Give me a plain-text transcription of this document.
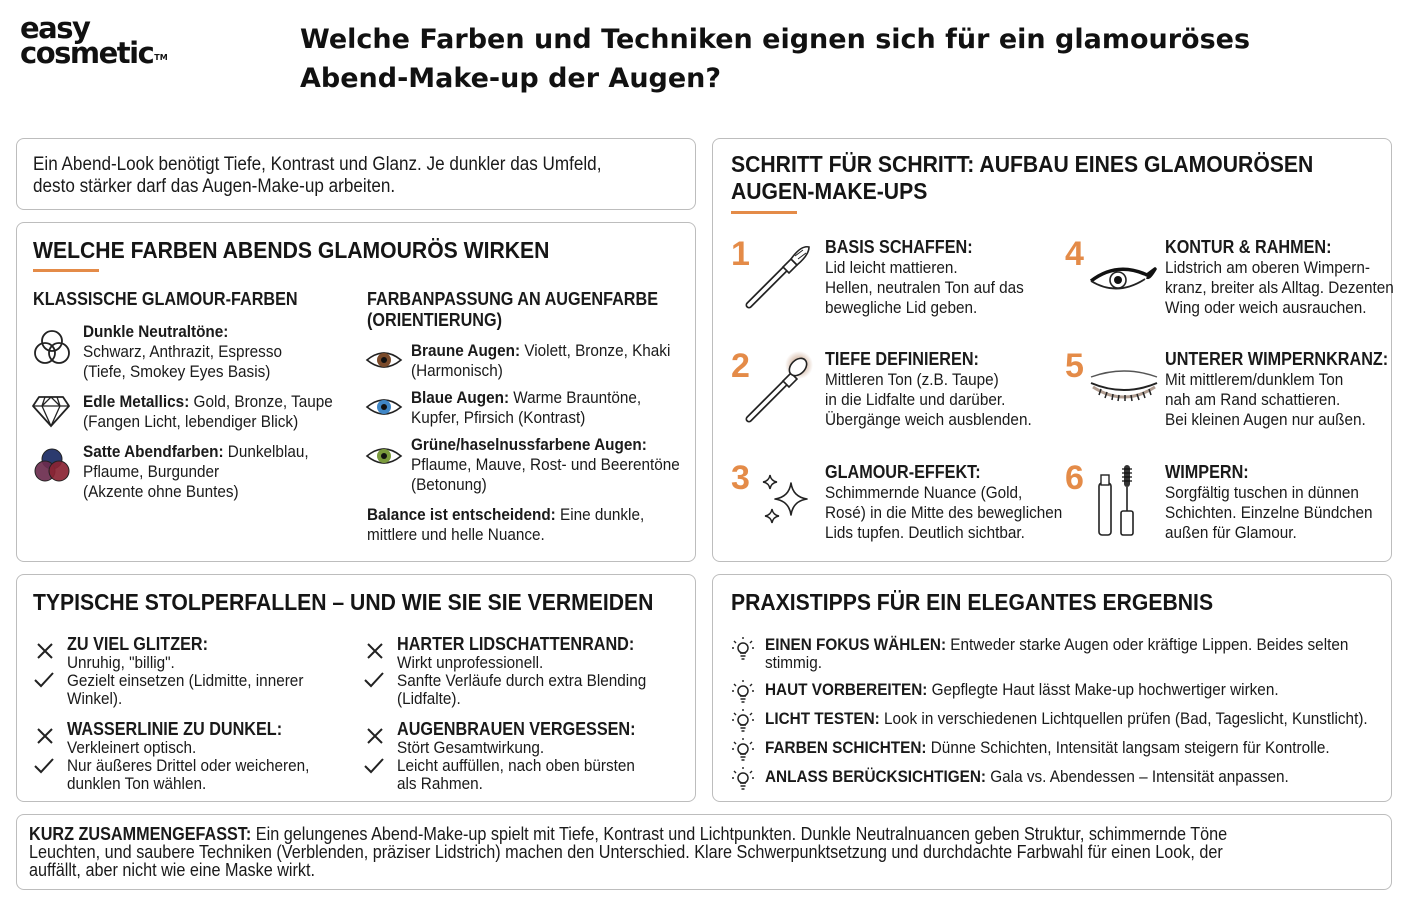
easy
cosmetic™
Welche Farben und Techniken eignen sich für ein glamouröses
Abend-Make-up der Augen?
Ein Abend-Look benötigt Tiefe, Kontrast und Glanz. Je dunkler das Umfeld,
desto stärker darf das Augen-Make-up arbeiten.
WELCHE FARBEN ABENDS GLAMOURÖS WIRKEN
KLASSISCHE GLAMOUR-FARBEN
Dunkle Neutraltöne:
Schwarz, Anthrazit, Espresso
(Tiefe, Smokey Eyes Basis)
Edle Metallics: Gold, Bronze, Taupe
(Fangen Licht, lebendiger Blick)
Satte Abendfarben: Dunkelblau,
Pflaume, Burgunder
(Akzente ohne Buntes)
FARBANPASSUNG AN AUGENFARBE
(ORIENTIERUNG)
Braune Augen: Violett, Bronze, Khaki
(Harmonisch)
Blaue Augen: Warme Brauntöne,
Kupfer, Pfirsich (Kontrast)
Grüne/haselnussfarbene Augen:
Pflaume, Mauve, Rost- und Beerentöne
(Betonung)
Balance ist entscheidend: Eine dunkle,
mittlere und helle Nuance.
SCHRITT FÜR SCHRITT: AUFBAU EINES GLAMOURÖSEN
AUGEN-MAKE-UPS
1	BASIS SCHAFFEN:
Lid leicht mattieren.
Hellen, neutralen Ton auf das
bewegliche Lid geben.
2	TIEFE DEFINIEREN:
Mittleren Ton (z.B. Taupe)
in die Lidfalte und darüber.
Übergänge weich ausblenden.
3	GLAMOUR-EFFEKT:
Schimmernde Nuance (Gold,
Rosé) in die Mitte des beweglichen
Lids tupfen. Deutlich sichtbar.
4	KONTUR & RAHMEN:
Lidstrich am oberen Wimpern-
kranz, breiter als Alltag. Dezenten
Wing oder weich ausrauchen.
5	UNTERER WIMPERNKRANZ:
Mit mittlerem/dunklem Ton
nah am Rand schattieren.
Bei kleinen Augen nur außen.
6	WIMPERN:
Sorgfältig tuschen in dünnen
Schichten. Einzelne Bündchen
außen für Glamour.
TYPISCHE STOLPERFALLEN – UND WIE SIE SIE VERMEIDEN
ZU VIEL GLITZER:
Unruhig, "billig".
Gezielt einsetzen (Lidmitte, innerer
Winkel).
WASSERLINIE ZU DUNKEL:
Verkleinert optisch.
Nur äußeres Drittel oder weicheren,
dunklen Ton wählen.
HARTER LIDSCHATTENRAND:
Wirkt unprofessionell.
Sanfte Verläufe durch extra Blending
(Lidfalte).
AUGENBRAUEN VERGESSEN:
Stört Gesamtwirkung.
Leicht auffüllen, nach oben bürsten
als Rahmen.
PRAXISTIPPS FÜR EIN ELEGANTES ERGEBNIS
EINEN FOKUS WÄHLEN: Entweder starke Augen oder kräftige Lippen. Beides selten
stimmig.
HAUT VORBEREITEN: Gepflegte Haut lässt Make-up hochwertiger wirken.
LICHT TESTEN: Look in verschiedenen Lichtquellen prüfen (Bad, Tageslicht, Kunstlicht).
FARBEN SCHICHTEN: Dünne Schichten, Intensität langsam steigern für Kontrolle.
ANLASS BERÜCKSICHTIGEN: Gala vs. Abendessen – Intensität anpassen.
KURZ ZUSAMMENGEFASST: Ein gelungenes Abend-Make-up spielt mit Tiefe, Kontrast und Lichtpunkten. Dunkle Neutralnuancen geben Struktur, schimmernde Töne
Leuchten, und saubere Techniken (Verblenden, präziser Lidstrich) machen den Unterschied. Klare Schwerpunktsetzung und durchdachte Farbwahl für einen Look, der
auffällt, aber nicht wie eine Maske wirkt.
